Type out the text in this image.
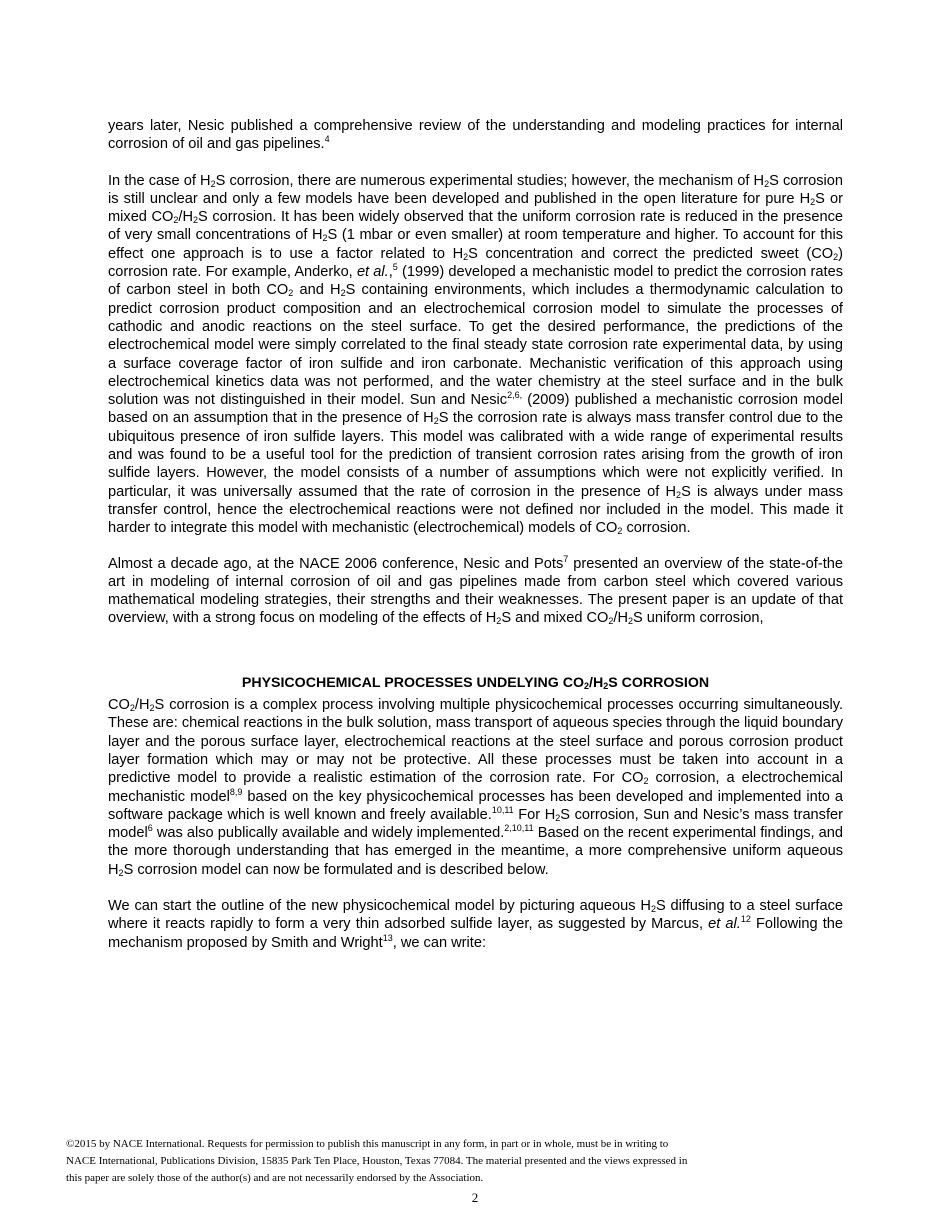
years later, Nesic published a comprehensive review of the understanding and modeling practices for internal corrosion of oil and gas pipelines.$^4$

In the case of $H_2S$ corrosion, there are numerous experimental studies; however, the mechanism of $H_2S$ corrosion is still unclear and only a few models have been developed and published in the open literature for pure $H_2S$ or mixed $CO_2/H_2S$ corrosion. It has been widely observed that the uniform corrosion rate is reduced in the presence of very small concentrations of $H_2S$ (1 mbar or even smaller) at room temperature and higher. To account for this effect one approach is to use a factor related to $H_2S$ concentration and correct the predicted sweet $(CO_2)$ corrosion rate. For example, Anderko, et al.,$^5$ (1999) developed a mechanistic model to predict the corrosion rates of carbon steel in both $CO_2$ and $H_2S$ containing environments, which includes a thermodynamic calculation to predict corrosion product composition and an electrochemical corrosion model to simulate the processes of cathodic and anodic reactions on the steel surface. To get the desired performance, the predictions of the electrochemical model were simply correlated to the final steady state corrosion rate experimental data, by using a surface coverage factor of iron sulfide and iron carbonate. Mechanistic verification of this approach using electrochemical kinetics data was not performed, and the water chemistry at the steel surface and in the bulk solution was not distinguished in their model. Sun and Nesic$^{2,6,}$ (2009) published a mechanistic corrosion model based on an assumption that in the presence of $H_2S$ the corrosion rate is always mass transfer control due to the ubiquitous presence of iron sulfide layers. This model was calibrated with a wide range of experimental results and was found to be a useful tool for the prediction of transient corrosion rates arising from the growth of iron sulfide layers. However, the model consists of a number of assumptions which were not explicitly verified. In particular, it was universally assumed that the rate of corrosion in the presence of $H_2S$ is always under mass transfer control, hence the electrochemical reactions were not defined nor included in the model. This made it harder to integrate this model with mechanistic (electrochemical) models of $CO_2$ corrosion.

Almost a decade ago, at the NACE 2006 conference, Nesic and Pots$^7$ presented an overview of the state-of-the art in modeling of internal corrosion of oil and gas pipelines made from carbon steel which covered various mathematical modeling strategies, their strengths and their weaknesses. The present paper is an update of that overview, with a strong focus on modeling of the effects of $H_2S$ and mixed $CO_2/H_2S$ uniform corrosion,

PHYSICOCHEMICAL PROCESSES UNDELYING $CO_2/H_2S$ CORROSION

$CO_2/H_2S$ corrosion is a complex process involving multiple physicochemical processes occurring simultaneously. These are: chemical reactions in the bulk solution, mass transport of aqueous species through the liquid boundary layer and the porous surface layer, electrochemical reactions at the steel surface and porous corrosion product layer formation which may or may not be protective. All these processes must be taken into account in a predictive model to provide a realistic estimation of the corrosion rate. For $CO_2$ corrosion, a electrochemical mechanistic model$^{8,9}$ based on the key physicochemical processes has been developed and implemented into a software package which is well known and freely available.$^{10,11}$ For $H_2S$ corrosion, Sun and Nesic’s mass transfer model$^6$ was also publically available and widely implemented.$^{2,10,11}$ Based on the recent experimental findings, and the more thorough understanding that has emerged in the meantime, a more comprehensive uniform aqueous $H_2S$ corrosion model can now be formulated and is described below.

We can start the outline of the new physicochemical model by picturing aqueous $H_2S$ diffusing to a steel surface where it reacts rapidly to form a very thin adsorbed sulfide layer, as suggested by Marcus, et al.$^{12}$ Following the mechanism proposed by Smith and Wright$^{13}$, we can write:

©2015 by NACE International. Requests for permission to publish this manuscript in any form, in part or in whole, must be in writing to
NACE International, Publications Division, 15835 Park Ten Place, Houston, Texas 77084. The material presented and the views expressed in
this paper are solely those of the author(s) and are not necessarily endorsed by the Association.
2
